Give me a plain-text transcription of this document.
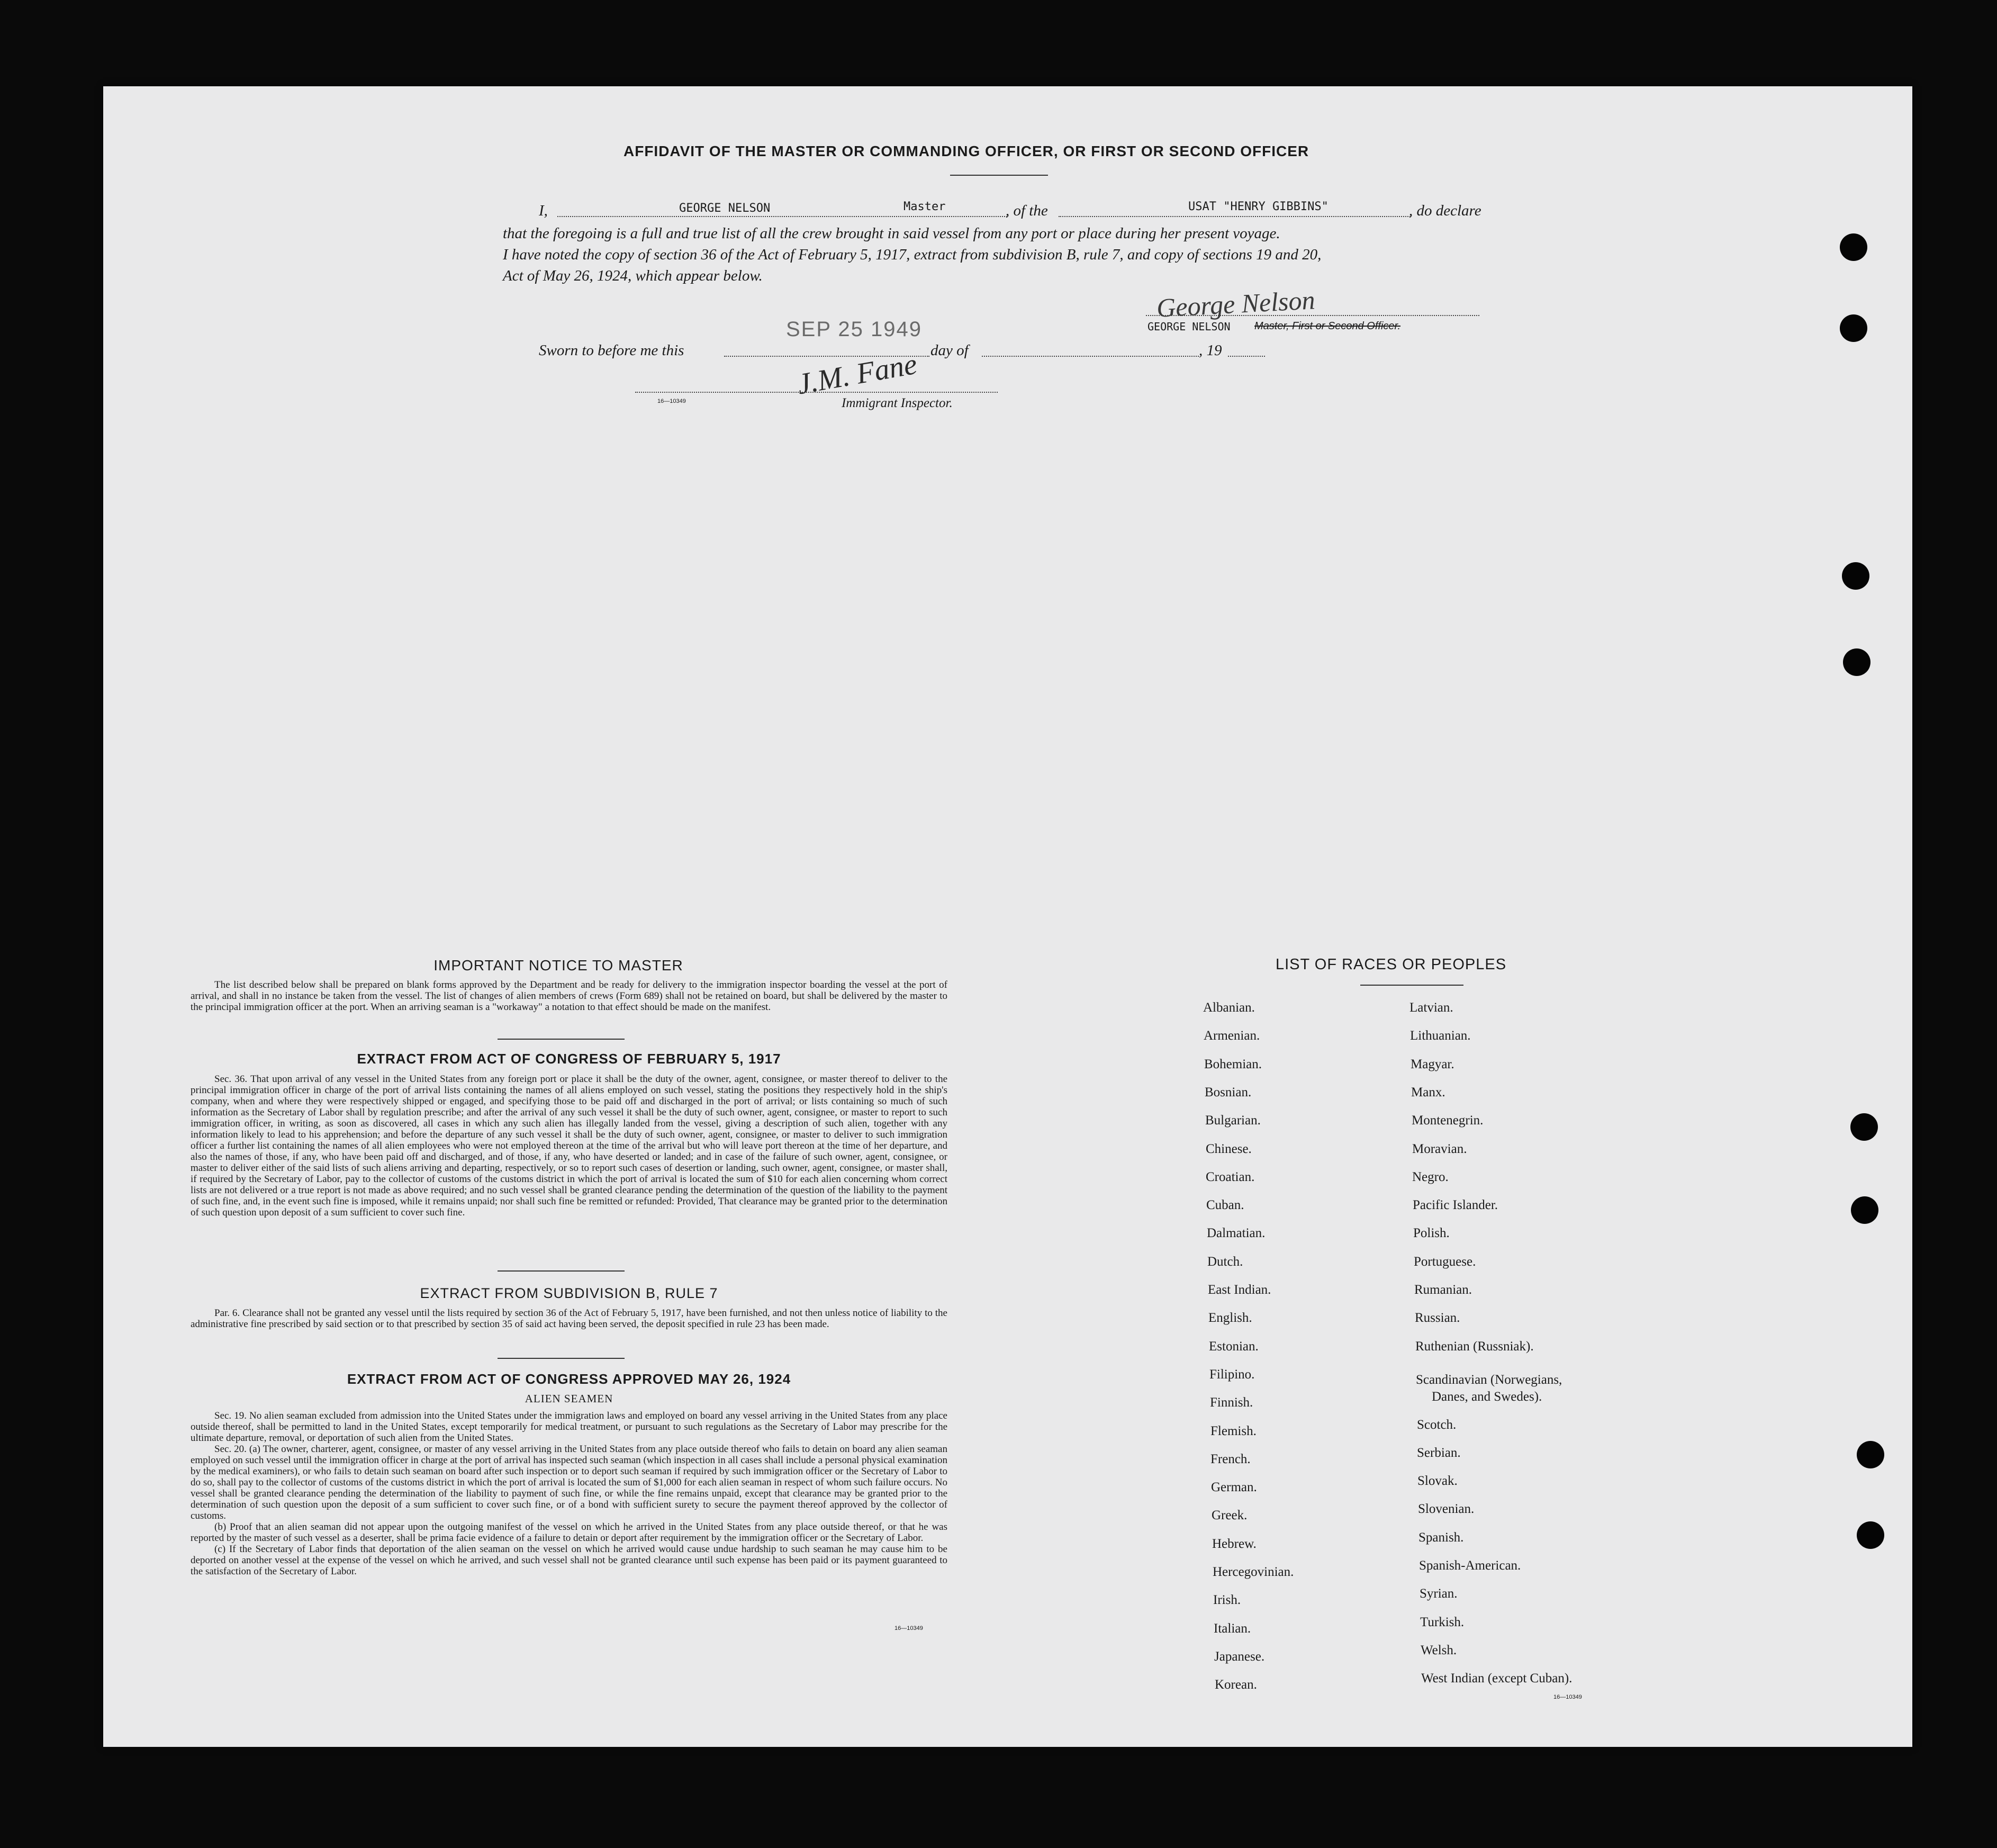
AFFIDAVIT OF THE MASTER OR COMMANDING OFFICER, OR FIRST OR SECOND OFFICER
I,	GEORGE NELSON	Master	, of the	USAT "HENRY GIBBINS"	, do declare
that the foregoing is a full and true list of all the crew brought in said vessel from any port or place during her present voyage.
I have noted the copy of section 36 of the Act of February 5, 1917, extract from subdivision B, rule 7, and copy of sections 19 and 20,
Act of May 26, 1924, which appear below.
George Nelson
GEORGE NELSON Master, First or Second Officer.
Sworn to before me this
SEP 25 1949
day of	, 19
J.M. Fane
16—10349	Immigrant Inspector.
IMPORTANT NOTICE TO MASTER
The list described below shall be prepared on blank forms approved by the Department and be ready for delivery to the immigration inspector boarding the vessel at the port of arrival, and shall in no instance be taken from the vessel. The list of changes of alien members of crews (Form 689) shall not be retained on board, but shall be delivered by the master to the principal immigration officer at the port. When an arriving seaman is a "workaway" a notation to that effect should be made on the manifest.
EXTRACT FROM ACT OF CONGRESS OF FEBRUARY 5, 1917
Sec. 36. That upon arrival of any vessel in the United States from any foreign port or place it shall be the duty of the owner, agent, consignee, or master thereof to deliver to the principal immigration officer in charge of the port of arrival lists containing the names of all aliens employed on such vessel, stating the positions they respectively hold in the ship's company, when and where they were respectively shipped or engaged, and specifying those to be paid off and discharged in the port of arrival; or lists containing so much of such information as the Secretary of Labor shall by regulation prescribe; and after the arrival of any such vessel it shall be the duty of such owner, agent, consignee, or master to report to such immigration officer, in writing, as soon as discovered, all cases in which any such alien has illegally landed from the vessel, giving a description of such alien, together with any information likely to lead to his apprehension; and before the departure of any such vessel it shall be the duty of such owner, agent, consignee, or master to deliver to such immigration officer a further list containing the names of all alien employees who were not employed thereon at the time of the arrival but who will leave port thereon at the time of her departure, and also the names of those, if any, who have been paid off and discharged, and of those, if any, who have deserted or landed; and in case of the failure of such owner, agent, consignee, or master to deliver either of the said lists of such aliens arriving and departing, respectively, or so to report such cases of desertion or landing, such owner, agent, consignee, or master shall, if required by the Secretary of Labor, pay to the collector of customs of the customs district in which the port of arrival is located the sum of $10 for each alien concerning whom correct lists are not delivered or a true report is not made as above required; and no such vessel shall be granted clearance pending the determination of the question of the liability to the payment of such fine, and, in the event such fine is imposed, while it remains unpaid; nor shall such fine be remitted or refunded: Provided, That clearance may be granted prior to the determination of such question upon deposit of a sum sufficient to cover such fine.
EXTRACT FROM SUBDIVISION B, RULE 7
Par. 6. Clearance shall not be granted any vessel until the lists required by section 36 of the Act of February 5, 1917, have been furnished, and not then unless notice of liability to the administrative fine prescribed by said section or to that prescribed by section 35 of said act having been served, the deposit specified in rule 23 has been made.
EXTRACT FROM ACT OF CONGRESS APPROVED MAY 26, 1924
ALIEN SEAMEN
Sec. 19. No alien seaman excluded from admission into the United States under the immigration laws and employed on board any vessel arriving in the United States from any place outside thereof, shall be permitted to land in the United States, except temporarily for medical treatment, or pursuant to such regulations as the Secretary of Labor may prescribe for the ultimate departure, removal, or deportation of such alien from the United States.
Sec. 20. (a) The owner, charterer, agent, consignee, or master of any vessel arriving in the United States from any place outside thereof who fails to detain on board any alien seaman employed on such vessel until the immigration officer in charge at the port of arrival has inspected such seaman (which inspection in all cases shall include a personal physical examination by the medical examiners), or who fails to detain such seaman on board after such inspection or to deport such seaman if required by such immigration officer or the Secretary of Labor to do so, shall pay to the collector of customs of the customs district in which the port of arrival is located the sum of $1,000 for each alien seaman in respect of whom such failure occurs. No vessel shall be granted clearance pending the determination of the liability to payment of such fine, or while the fine remains unpaid, except that clearance may be granted prior to the determination of such question upon the deposit of a sum sufficient to cover such fine, or of a bond with sufficient surety to secure the payment thereof approved by the collector of customs.
(b) Proof that an alien seaman did not appear upon the outgoing manifest of the vessel on which he arrived in the United States from any place outside thereof, or that he was reported by the master of such vessel as a deserter, shall be prima facie evidence of a failure to detain or deport after requirement by the immigration officer or the Secretary of Labor.
(c) If the Secretary of Labor finds that deportation of the alien seaman on the vessel on which he arrived would cause undue hardship to such seaman he may cause him to be deported on another vessel at the expense of the vessel on which he arrived, and such vessel shall not be granted clearance until such expense has been paid or its payment guaranteed to the satisfaction of the Secretary of Labor.
16—10349
LIST OF RACES OR PEOPLES
Albanian.
Armenian.
Bohemian.
Bosnian.
Bulgarian.
Chinese.
Croatian.
Cuban.
Dalmatian.
Dutch.
East Indian.
English.
Estonian.
Filipino.
Finnish.
Flemish.
French.
German.
Greek.
Hebrew.
Hercegovinian.
Irish.
Italian.
Japanese.
Korean.
Latvian.
Lithuanian.
Magyar.
Manx.
Montenegrin.
Moravian.
Negro.
Pacific Islander.
Polish.
Portuguese.
Rumanian.
Russian.
Ruthenian (Russniak).
Scandinavian (Norwegians,
Danes, and Swedes).
Scotch.
Serbian.
Slovak.
Slovenian.
Spanish.
Spanish-American.
Syrian.
Turkish.
Welsh.
West Indian (except Cuban).
16—10349
